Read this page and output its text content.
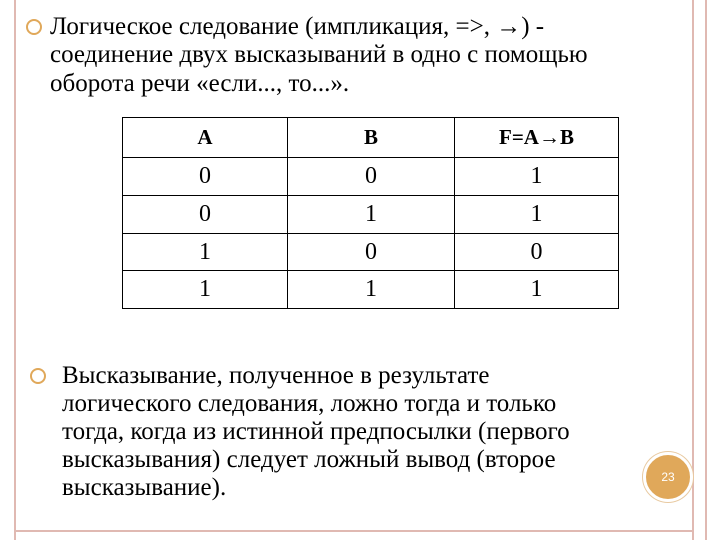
Логическое следование (импликация, =>, →) -

соединение двух высказываний в одно с помощью

оборота речи «если..., то...».

A	B	F=A→B
0	0	1
0	1	1
1	0	0
1	1	1

Высказывание, полученное в результате

логического следования, ложно тогда и только

тогда, когда из истинной предпосылки (первого

высказывания) следует ложный вывод (второе

высказывание).	23
